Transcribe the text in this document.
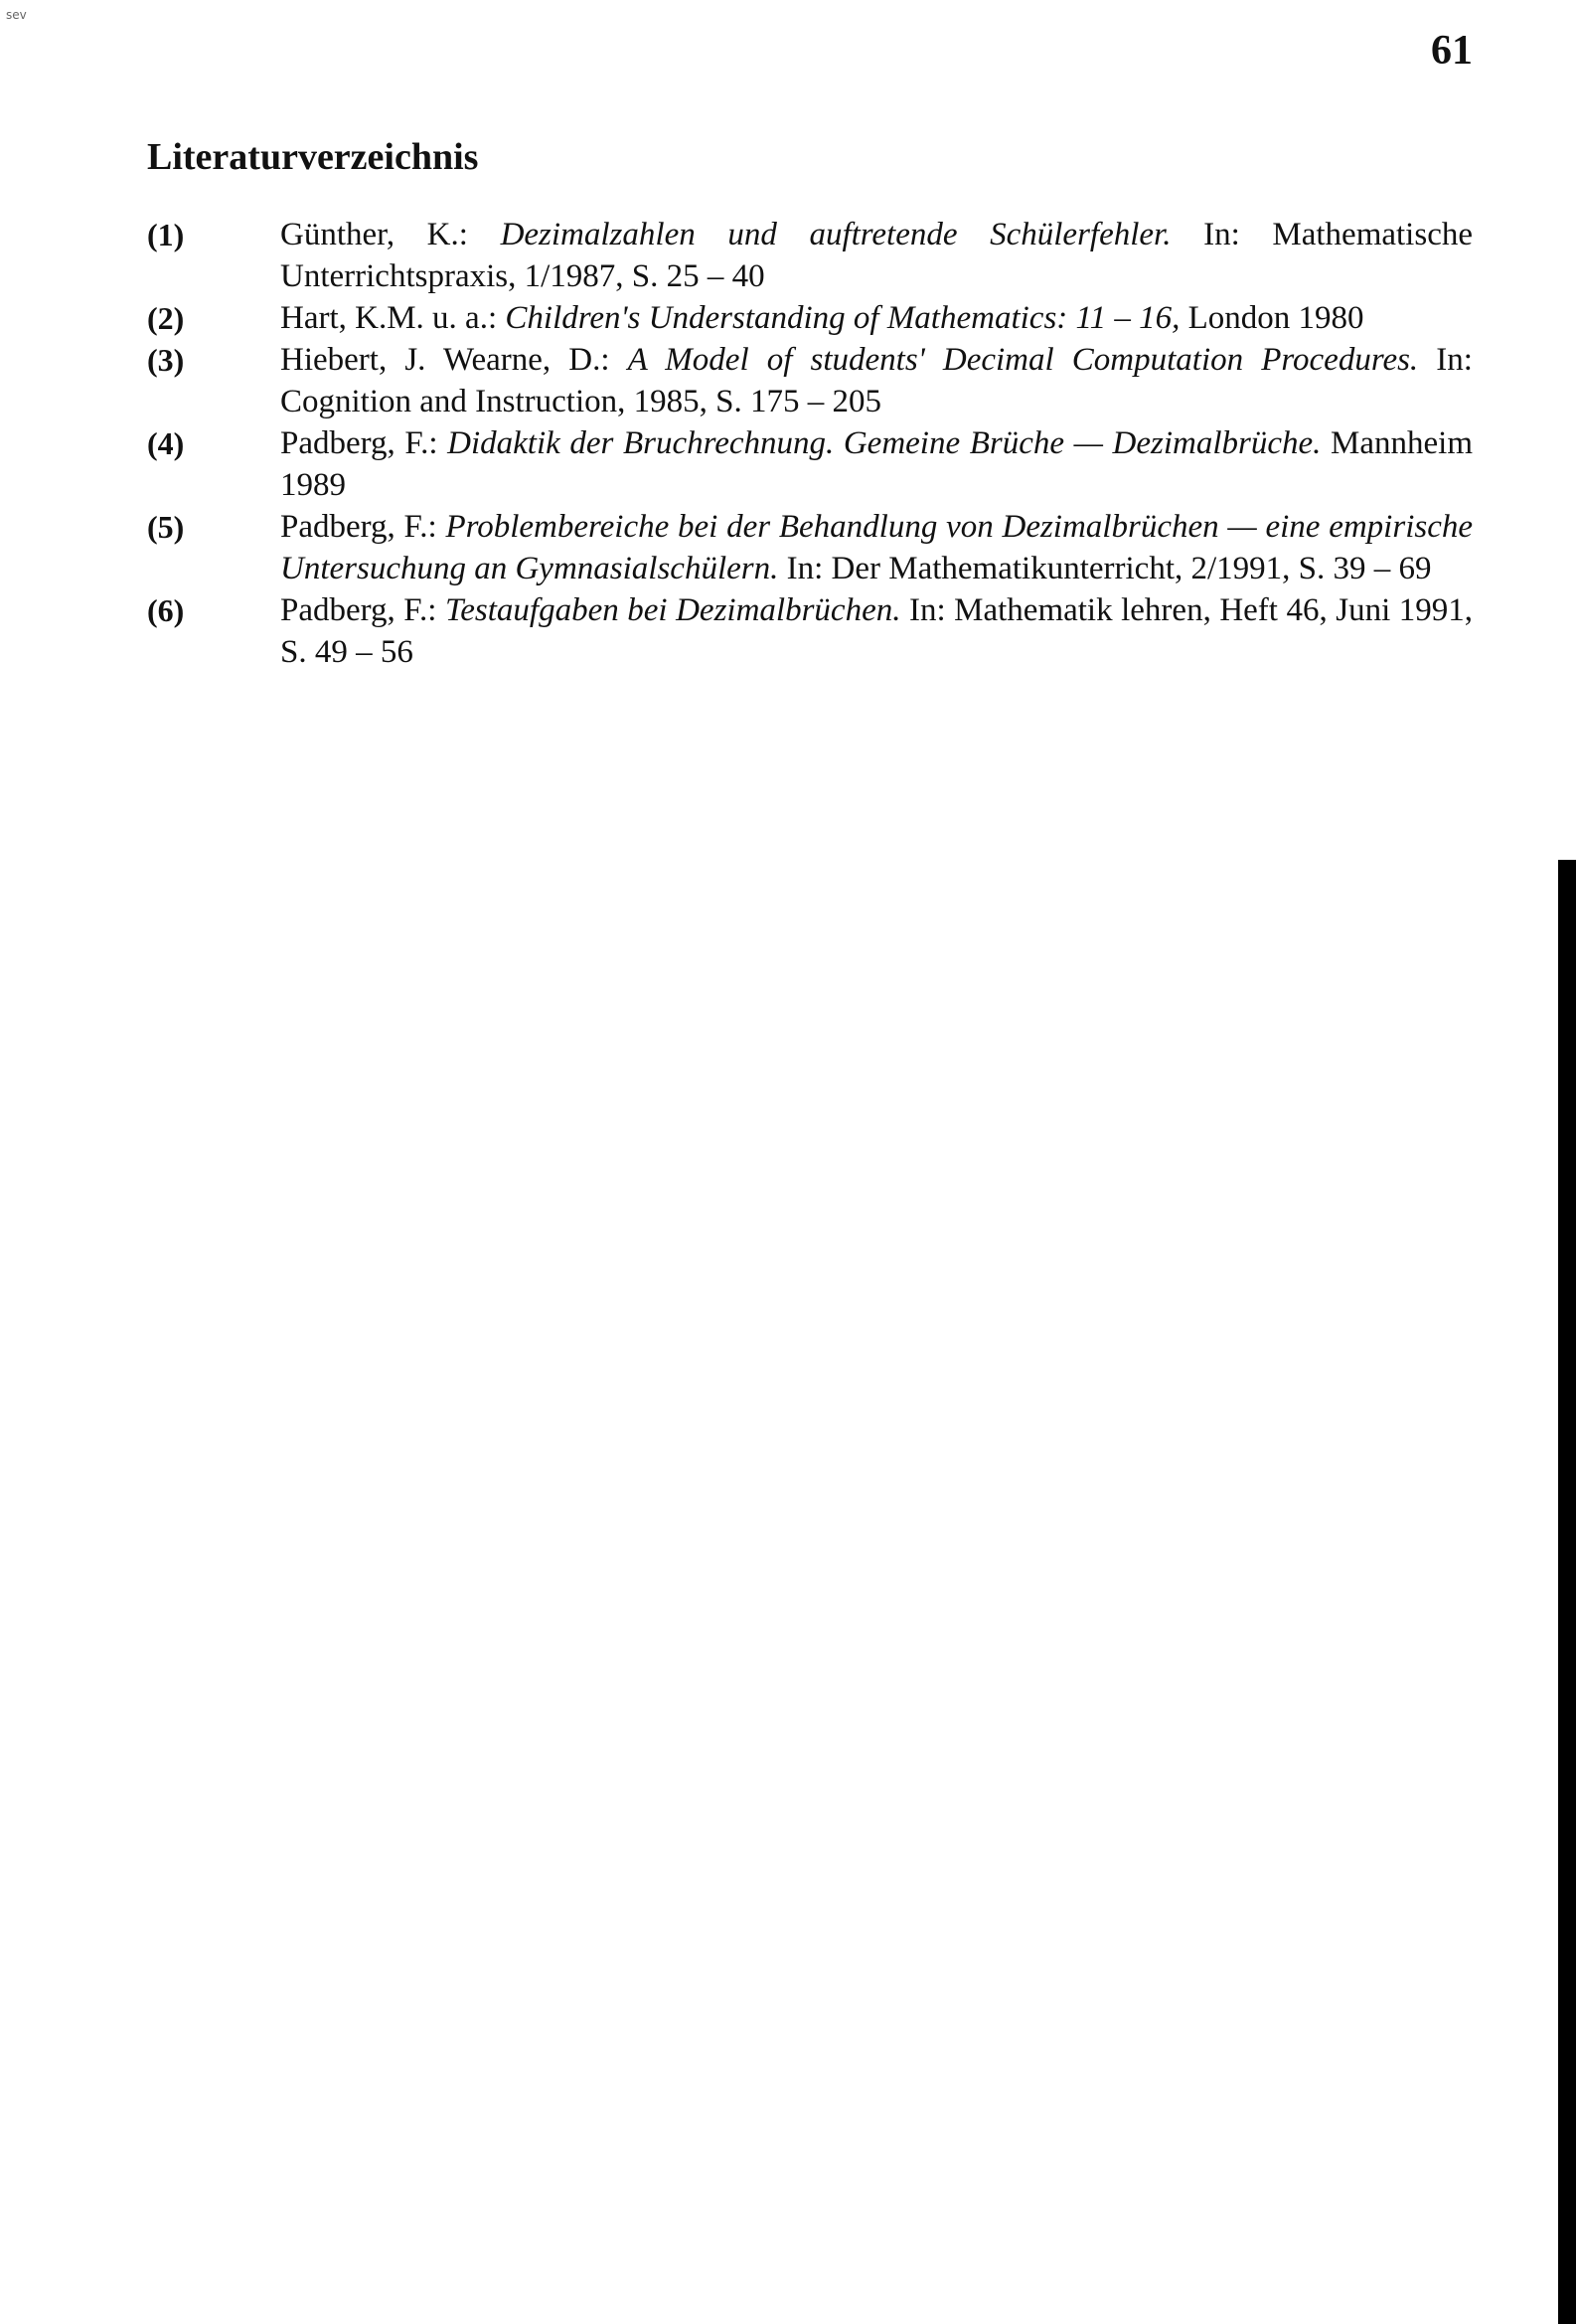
sev
61
Literaturverzeichnis
(1)	Günther, K.: Dezimalzahlen und auftretende Schülerfehler. In: Mathematische Unterrichtspraxis, 1/1987, S. 25 – 40
(2)	Hart, K.M. u. a.: Children's Understanding of Mathematics: 11 – 16, London 1980
(3)	Hiebert, J. Wearne, D.: A Model of students' Decimal Computation Procedures. In: Cognition and Instruction, 1985, S. 175 – 205
(4)	Padberg, F.: Didaktik der Bruchrechnung. Gemeine Brüche — Dezimalbrüche. Mannheim 1989
(5)	Padberg, F.: Problembereiche bei der Behandlung von Dezimalbrüchen — eine empirische Untersuchung an Gymnasialschülern. In: Der Mathematikunterricht, 2/1991, S. 39 – 69
(6)	Padberg, F.: Testaufgaben bei Dezimalbrüchen. In: Mathematik lehren, Heft 46, Juni 1991, S. 49 – 56
